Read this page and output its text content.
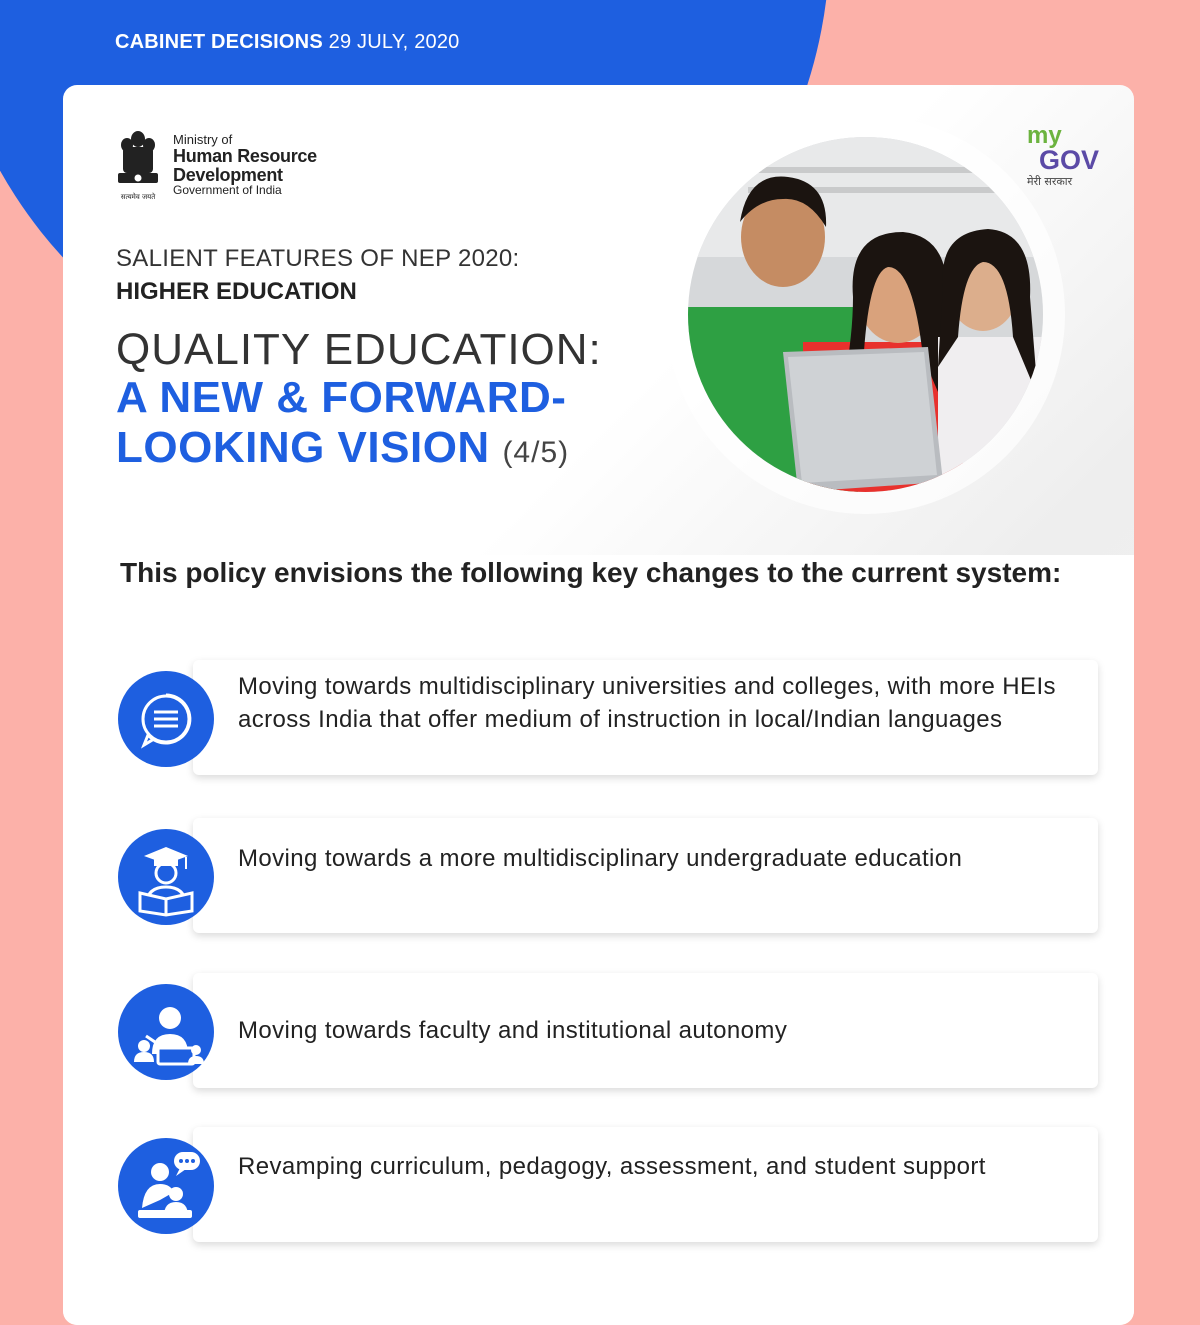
CABINET DECISIONS 29 JULY, 2020
सत्यमेव जयते
Ministry of
Human Resource
Development
Government of India
my
GOV
मेरी सरकार
SALIENT FEATURES OF NEP 2020:
HIGHER EDUCATION
QUALITY EDUCATION:
A NEW & FORWARD-
LOOKING VISION (4/5)
This policy envisions the following key changes to the current system:
Moving towards multidisciplinary universities and colleges, with more HEIs across India that offer medium of instruction in local/Indian languages
Moving towards a more multidisciplinary undergraduate education
Moving towards faculty and institutional autonomy
Revamping curriculum, pedagogy, assessment, and student support
